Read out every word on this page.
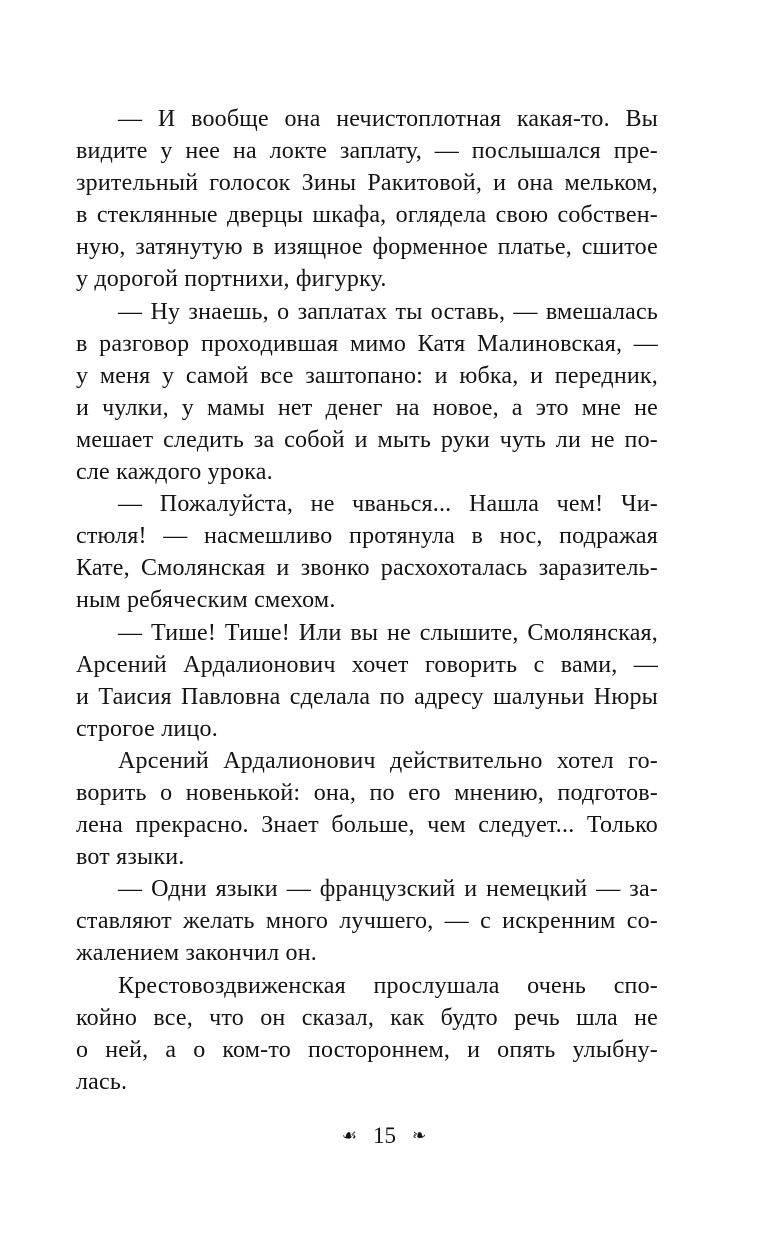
— И вообще она нечистоплотная какая-то. Вы
видите у нее на локте заплату, — послышался пре-
зрительный голосок Зины Ракитовой, и она мельком,
в стеклянные дверцы шкафа, оглядела свою собствен-
ную, затянутую в изящное форменное платье, сшитое
у дорогой портнихи, фигурку.
— Ну знаешь, о заплатах ты оставь, — вмешалась
в разговор проходившая мимо Катя Малиновская, —
у меня у самой все заштопано: и юбка, и передник,
и чулки, у мамы нет денег на новое, а это мне не
мешает следить за собой и мыть руки чуть ли не по-
сле каждого урока.
— Пожалуйста, не чванься... Нашла чем! Чи-
стюля! — насмешливо протянула в нос, подражая
Кате, Смолянская и звонко расхохоталась заразитель-
ным ребяческим смехом.
— Тише! Тише! Или вы не слышите, Смолянская,
Арсений Ардалионович хочет говорить с вами, —
и Таисия Павловна сделала по адресу шалуньи Нюры
строгое лицо.
Арсений Ардалионович действительно хотел го-
ворить о новенькой: она, по его мнению, подготов-
лена прекрасно. Знает больше, чем следует... Только
вот языки.
— Одни языки — французский и немецкий — за-
ставляют желать много лучшего, — с искренним со-
жалением закончил он.
Крестовоздвиженская прослушала очень спо-
койно все, что он сказал, как будто речь шла не
о ней, а о ком-то постороннем, и опять улыбну-
лась.
☙ 15 ❧
